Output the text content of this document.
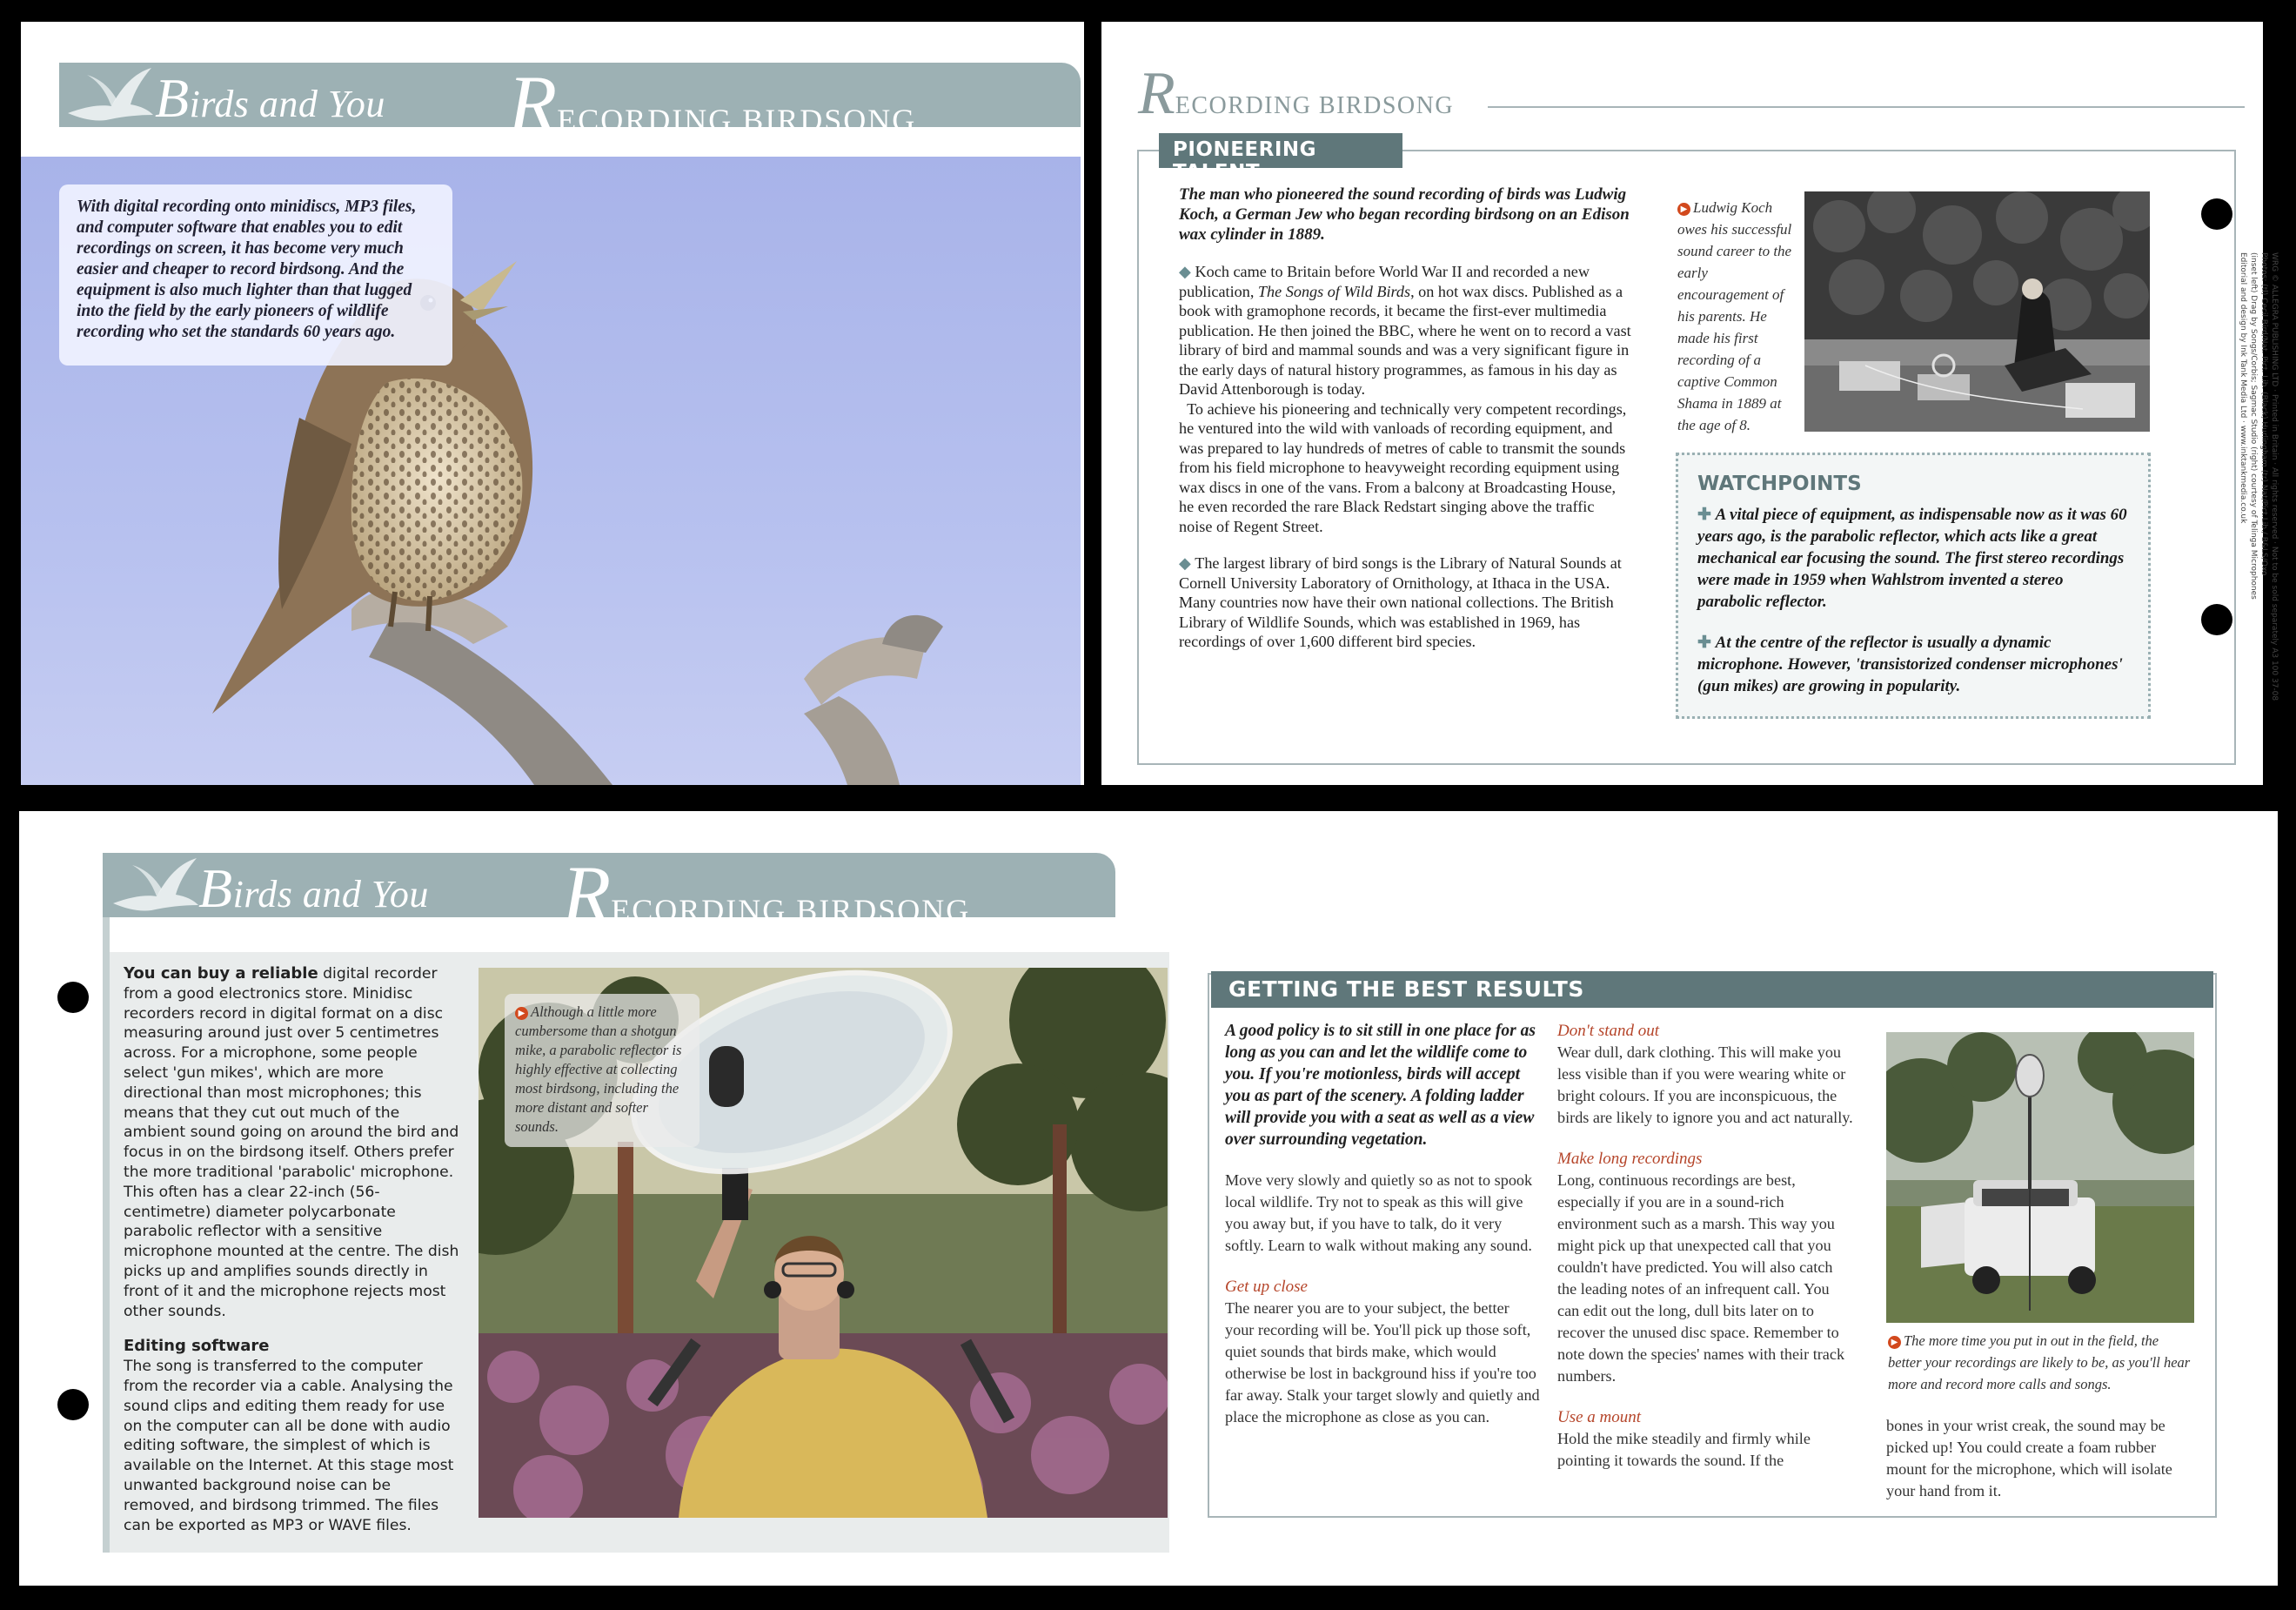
Birds and You RECORDING BIRDSONG
With digital recording onto minidiscs, MP3 files, and computer software that enables you to edit recordings on screen, it has become very much easier and cheaper to record birdsong. And the equipment is also much lighter than that lugged into the field by the early pioneers of wildlife recording who set the standards 60 years ago.
RECORDING BIRDSONG
PIONEERING TALENT

The man who pioneered the sound recording of birds was Ludwig Koch, a German Jew who began recording birdsong on an Edison wax cylinder in 1889.

◆ Koch came to Britain before World War II and recorded a new publication, The Songs of Wild Birds, on hot wax discs. Published as a book with gramophone records, it became the first-ever multimedia publication. He then joined the BBC, where he went on to record a vast library of bird and mammal sounds and was a very significant figure in the early days of natural history programmes, as famous in his day as David Attenborough is today.
To achieve his pioneering and technically very competent recordings, he ventured into the wild with vanloads of recording equipment, and was prepared to lay hundreds of metres of cable to transmit the sounds from his field microphone to heavyweight recording equipment using wax discs in one of the vans. From a balcony at Broadcasting House, he even recorded the rare Black Redstart singing above the traffic noise of Regent Street.

◆ The largest library of bird songs is the Library of Natural Sounds at Cornell University Laboratory of Ornithology, at Ithaca in the USA. Many countries now have their own national collections. The British Library of Wildlife Sounds, which was established in 1969, has recordings of over 1,600 different bird species.

▶ Ludwig Koch owes his successful sound career to the early encouragement of his parents. He made his first recording of a captive Common Shama in 1889 at the age of 8.
WATCHPOINTS

✚ A vital piece of equipment, as indispensable now as it was 60 years ago, is the parabolic reflector, which acts like a great mechanical ear focusing the sound. The first stereo recordings were made in 1959 when Wahlstrom invented a stereo parabolic reflector.

✚ At the centre of the reflector is usually a dynamic microphone. However, 'transistorized condenser microphones' (gun mikes) are growing in popularity.	WRG © ALLEGRA PUBLISHING LTD · Printed in Britain · All rights reserved · Not to be sold separately A3 100 37-08
Photos: (tl) Cecil Bird/Nat. Pict. Lib. (Black) Hurlingham (tr) Nat/Pict.Lib./ B&LS/Oxo
(inset left) Drag by Songs/Corbis; Sagmac Studio (right) courtesy of Telinga Microphones
Editorial and design by Ink Tank Media Ltd · www.inktankmedia.co.uk
Birds and You RECORDING BIRDSONG

You can buy a reliable digital recorder from a good electronics store. Minidisc recorders record in digital format on a disc measuring around just over 5 centimetres across. For a microphone, some people select 'gun mikes', which are more directional than most microphones; this means that they cut out much of the ambient sound going on around the bird and focus in on the birdsong itself. Others prefer the more traditional 'parabolic' microphone. This often has a clear 22-inch (56-centimetre) diameter polycarbonate parabolic reflector with a sensitive microphone mounted at the centre. The dish picks up and amplifies sounds directly in front of it and the microphone rejects most other sounds.

Editing software
The song is transferred to the computer from the recorder via a cable. Analysing the sound clips and editing them ready for use on the computer can all be done with audio editing software, the simplest of which is available on the Internet. At this stage most unwanted background noise can be removed, and birdsong trimmed. The files can be exported as MP3 or WAVE files.

▶ Although a little more cumbersome than a shotgun mike, a parabolic reflector is highly effective at collecting most birdsong, including the more distant and softer sounds.
GETTING THE BEST RESULTS

A good policy is to sit still in one place for as long as you can and let the wildlife come to you. If you're motionless, birds will accept you as part of the scenery. A folding ladder will provide you with a seat as well as a view over surrounding vegetation.

Move very slowly and quietly so as not to spook local wildlife. Try not to speak as this will give you away but, if you have to talk, do it very softly. Learn to walk without making any sound.

Get up close
The nearer you are to your subject, the better your recording will be. You'll pick up those soft, quiet sounds that birds make, which would otherwise be lost in background hiss if you're too far away. Stalk your target slowly and quietly and place the microphone as close as you can.

Don't stand out
Wear dull, dark clothing. This will make you less visible than if you were wearing white or bright colours. If you are inconspicuous, the birds are likely to ignore you and act naturally.

Make long recordings
Long, continuous recordings are best, especially if you are in a sound-rich environment such as a marsh. This way you might pick up that unexpected call that you couldn't have predicted. You will also catch the leading notes of an infrequent call. You can edit out the long, dull bits later on to recover the unused disc space. Remember to note down the species' names with their track numbers.

Use a mount
Hold the mike steadily and firmly while pointing it towards the sound. If the

▶ The more time you put in out in the field, the better your recordings are likely to be, as you'll hear more and record more calls and songs.

bones in your wrist creak, the sound may be picked up! You could create a foam rubber mount for the microphone, which will isolate your hand from it.
